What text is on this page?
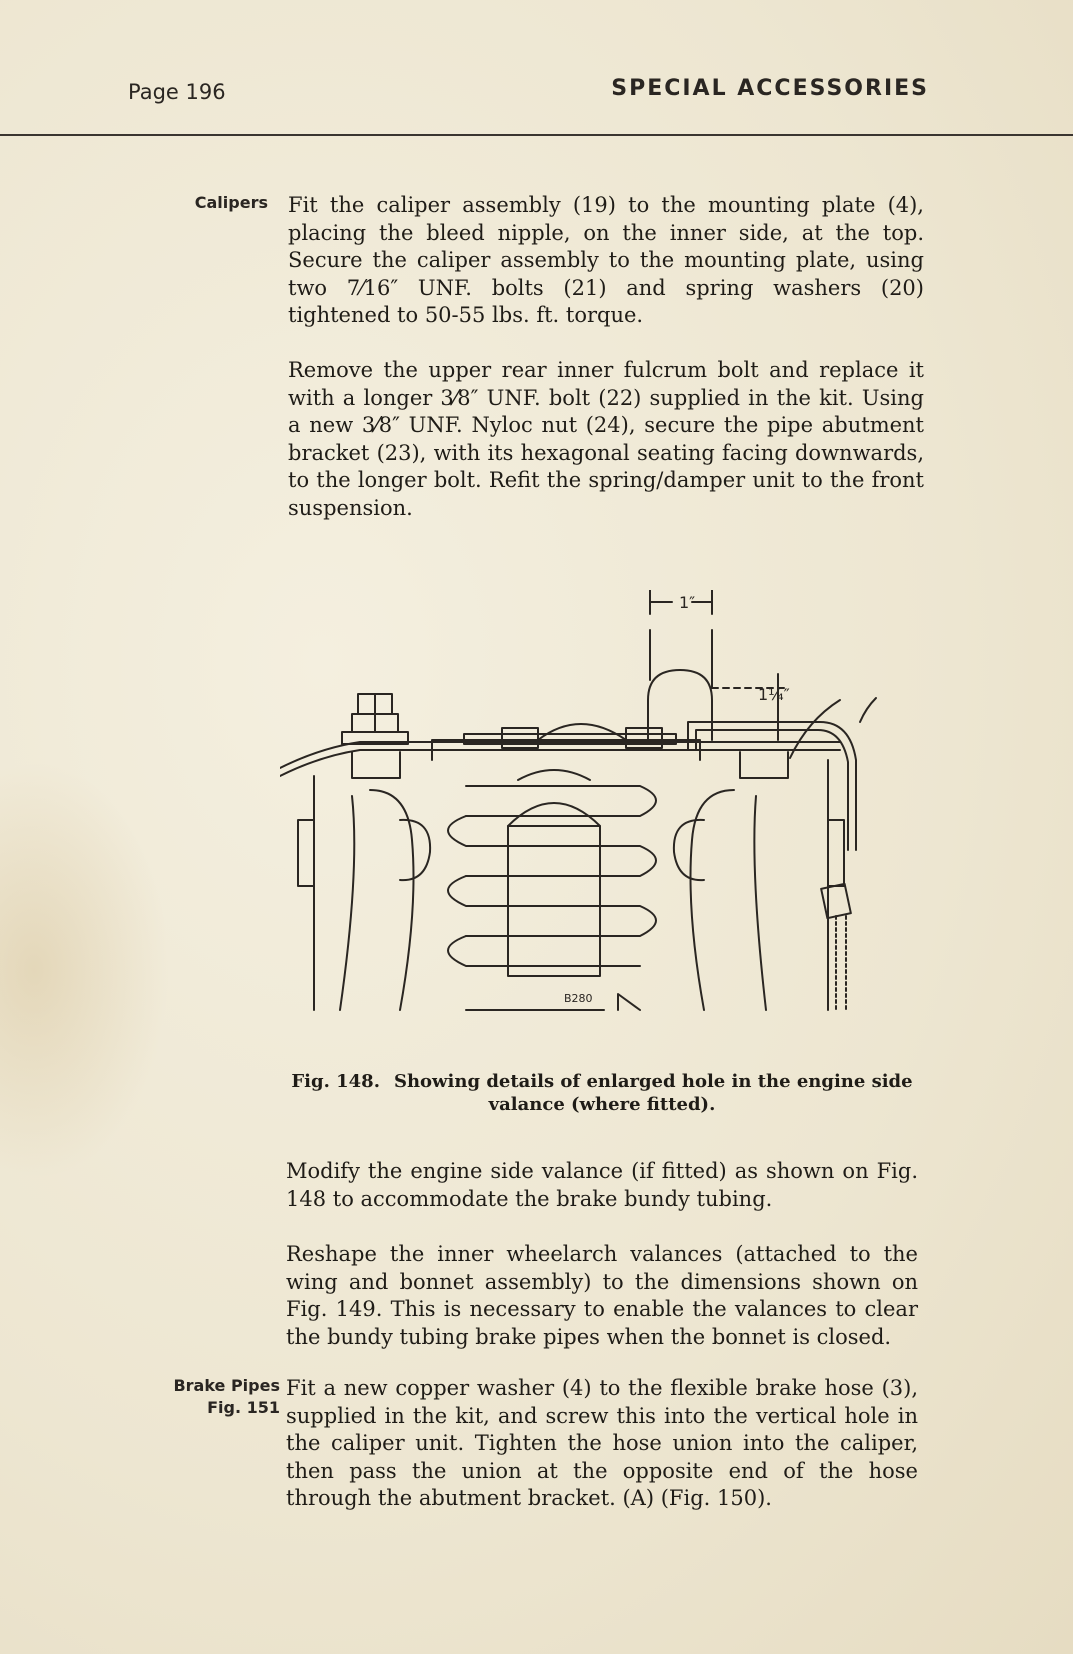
Page 196	SPECIAL ACCESSORIES
Calipers Fit the caliper assembly (19) to the mounting plate (4), placing the bleed nipple, on the inner side, at the top. Secure the caliper assembly to the mounting plate, using two 7⁄16″ UNF. bolts (21) and spring washers (20) tightened to 50-55 lbs. ft. torque.
Remove the upper rear inner fulcrum bolt and replace it with a longer 3⁄8″ UNF. bolt (22) supplied in the kit. Using a new 3⁄8″ UNF. Nyloc nut (24), secure the pipe abutment bracket (23), with its hexagonal seating facing downwards, to the longer bolt. Refit the spring/damper unit to the front suspension.
1″
1¼″
B280
Fig. 148. Showing details of enlarged hole in the engine side valance (where fitted).
Modify the engine side valance (if fitted) as shown on Fig. 148 to accommodate the brake bundy tubing.
Reshape the inner wheelarch valances (attached to the wing and bonnet assembly) to the dimensions shown on Fig. 149. This is necessary to enable the valances to clear the bundy tubing brake pipes when the bonnet is closed.
Brake Pipes
Fig. 151
Fit a new copper washer (4) to the flexible brake hose (3), supplied in the kit, and screw this into the vertical hole in the caliper unit. Tighten the hose union into the caliper, then pass the union at the opposite end of the hose through the abutment bracket. (A) (Fig. 150).
